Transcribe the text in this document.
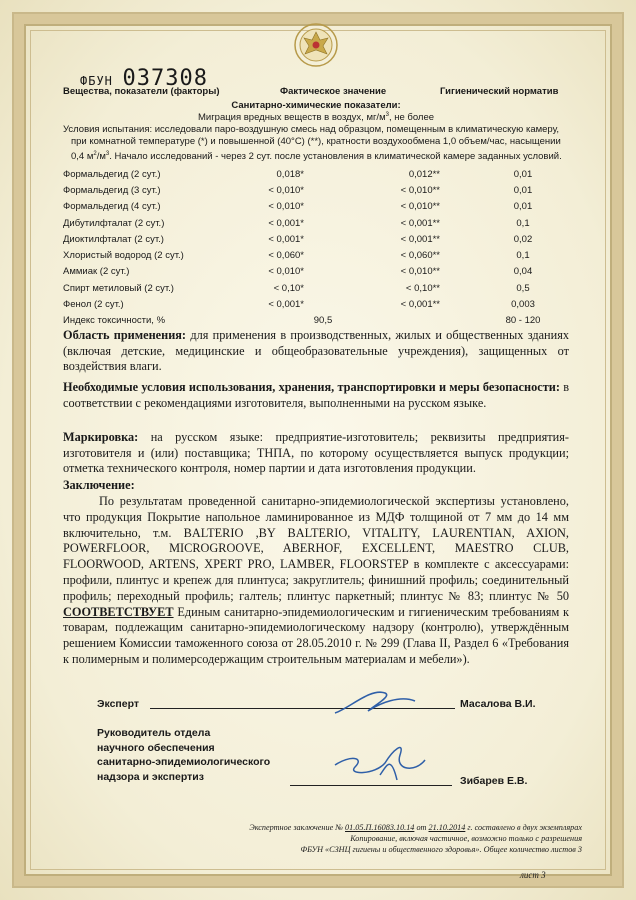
ФБУН 037308
Вещества, показатели (факторы)	Фактическое значение	Гигиенический норматив
Санитарно-химические показатели:
Миграция вредных веществ в воздух, $мг/м^3$, не более
Условия испытания: исследовали паро-воздушную смесь над образцом, помещенным в климатическую камеру,
при комнатной температуре (*) и повышенной (40°С) (**), кратности воздухообмена 1,0 объем/час, насыщении
0,4 $м^2/м^3$. Начало исследований - через 2 сут. после установления в климатической камере заданных условий.
Формальдегид (2 сут.)	0,018*	0,012**	0,01
Формальдегид (3 сут.)	< 0,010*	< 0,010**	0,01
Формальдегид (4 сут.)	< 0,010*	< 0,010**	0,01
Дибутилфталат (2 сут.)	< 0,001*	< 0,001**	0,1
Диоктилфталат (2 сут.)	< 0,001*	< 0,001**	0,02
Хлористый водород (2 сут.)	< 0,060*	< 0,060**	0,1
Аммиак (2 сут.)	< 0,010*	< 0,010**	0,04
Спирт метиловый (2 сут.)	< 0,10*	< 0,10**	0,5
Фенол (2 сут.)	< 0,001*	< 0,001**	0,003
Индекс токсичности, %	90,5		80 - 120
Область применения: для применения в производственных, жилых и общественных зданиях (включая детские, медицинские и общеобразовательные учреждения), защищенных от воздействия влаги.
Необходимые условия использования, хранения, транспортировки и меры безопасности: в соответствии с рекомендациями изготовителя, выполненными на русском языке.
Маркировка: на русском языке: предприятие-изготовитель; реквизиты предприятия-изготовителя и (или) поставщика; ТНПА, по которому осуществляется выпуск продукции; отметка технического контроля, номер партии и дата изготовления продукции.
Заключение:
По результатам проведенной санитарно-эпидемиологической экспертизы установлено, что продукция Покрытие напольное ламинированное из МДФ толщиной от 7 мм до 14 мм включительно, т.м. BALTERIO ,BY BALTERIO, VITALITY, LAURENTIAN, AXION, POWERFLOOR, MICROGROOVE, ABERHOF, EXCELLENT, MAESTRO CLUB, FLOORWOOD, ARTENS, XPERT PRO, LAMBER, FLOORSTEP в комплекте с аксессуарами: профили, плинтус и крепеж для плинтуса; закруглитель; финишний профиль; соединительный профиль; переходный профиль; галтель; плинтус паркетный; плинтус № 83; плинтус № 50 СООТВЕТСТВУЕТ Единым санитарно-эпидемиологическим и гигиеническим требованиям к товарам, подлежащим санитарно-эпидемиологическому надзору (контролю), утверждённым решением Комиссии таможенного союза от 28.05.2010 г. № 299 (Глава II, Раздел 6 «Требования к полимерным и полимерсодержащим строительным материалам и мебели»).
Эксперт	Масалова В.И.
Руководитель отдела
научного обеспечения
санитарно-эпидемиологического
надзора и экспертиз	Зибарев Е.В.
Экспертное заключение № 01.05.П.16083.10.14 от 21.10.2014 г. составлено в двух экземплярах
Копирование, включая частичное, возможно только с разрешения
ФБУН «СЗНЦ гигиены и общественного здоровья». Общее количество листов 3
лист 3
